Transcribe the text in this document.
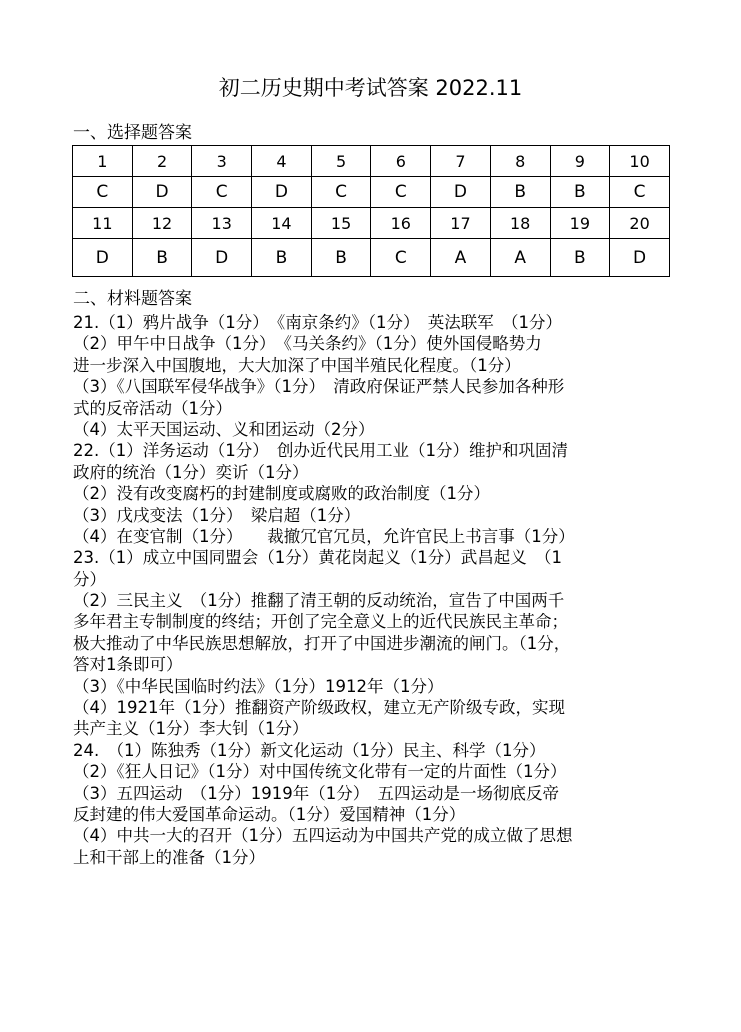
初二历史期中考试答案 2022.11
一、选择题答案
1	2	3	4	5	6	7	8	9	10
C	D	C	D	C	C	D	B	B	C
11	12	13	14	15	16	17	18	19	20
D	B	D	B	B	C	A	A	B	D
二、材料题答案
21.（1）鸦片战争（1分）　《南京条约》（1分）　英法联军　（1分）
（2）甲午中日战争（1分）　《马关条约》（1分）使外国侵略势力
进一步深入中国腹地，大大加深了中国半殖民化程度。（1分）
（3）《八国联军侵华战争》（1分）　清政府保证严禁人民参加各种形
式的反帝活动（1分）
（4）太平天国运动、义和团运动（2分）
22.（1）洋务运动（1分）　创办近代民用工业（1分）维护和巩固清
政府的统治（1分）奕䜣（1分）
（2）没有改变腐朽的封建制度或腐败的政治制度（1分）
（3）戊戌变法（1分）　梁启超（1分）
（4）在变官制（1分）　　裁撤冗官冗员，允许官民上书言事（1分）
23.（1）成立中国同盟会（1分）黄花岗起义（1分）武昌起义　（1
分）
（2）三民主义　（1分）推翻了清王朝的反动统治，宣告了中国两千
多年君主专制制度的终结；开创了完全意义上的近代民族民主革命；
极大推动了中华民族思想解放，打开了中国进步潮流的闸门。（1分，
答对1条即可）
（3）《中华民国临时约法》（1分）1912年（1分）
（4）1921年（1分）推翻资产阶级政权，建立无产阶级专政，实现
共产主义（1分）李大钊（1分）
24.　（1）陈独秀（1分）新文化运动（1分）民主、科学（1分）
（2）《狂人日记》（1分）对中国传统文化带有一定的片面性（1分）
（3）五四运动　（1分）1919年（1分）　五四运动是一场彻底反帝
反封建的伟大爱国革命运动。（1分）爱国精神（1分）
（4）中共一大的召开（1分）五四运动为中国共产党的成立做了思想
上和干部上的准备（1分）
